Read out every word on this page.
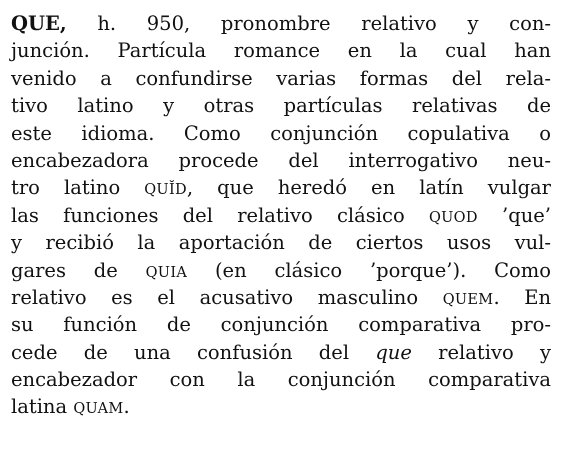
QUE, h. 950, pronombre relativo y con-
junción. Partícula romance en la cual han
venido a confundirse varias formas del rela-
tivo latino y otras partículas relativas de
este idioma. Como conjunción copulativa o
encabezadora procede del interrogativo neu-
tro latino QUĬD, que heredó en latín vulgar
las funciones del relativo clásico QUOD ’que’
y recibió la aportación de ciertos usos vul-
gares de QUIA (en clásico ’porque’). Como
relativo es el acusativo masculino QUEM. En
su función de conjunción comparativa pro-
cede de una confusión del que relativo y
encabezador con la conjunción comparativa
latina QUAM.
